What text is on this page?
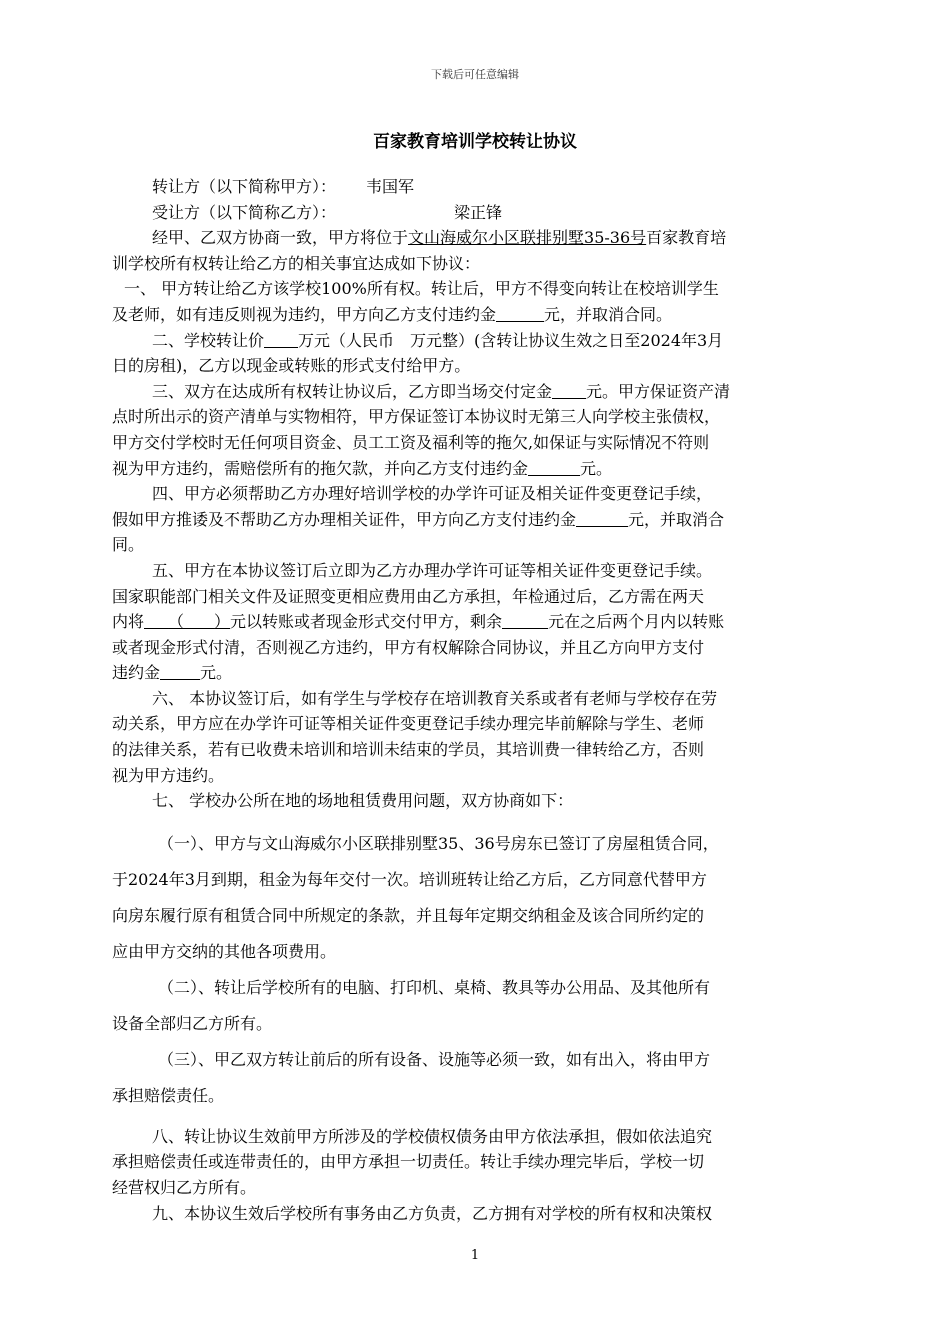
下载后可任意编辑
百家教育培训学校转让协议
转让方（以下简称甲方）： 韦国军
受让方（以下简称乙方）：	梁正锋
经甲、乙双方协商一致，甲方将位于文山海威尔小区联排别墅35-36号百家教育培
训学校所有权转让给乙方的相关事宜达成如下协议：
一、 甲方转让给乙方该学校100%所有权。转让后，甲方不得变向转让在校培训学生
及老师，如有违反则视为违约，甲方向乙方支付违约金	元，并取消合同。
二、学校转让价 万元（人民币 万元整）(含转让协议生效之日至2024年3月
日的房租)，乙方以现金或转账的形式支付给甲方。
三、双方在达成所有权转让协议后，乙方即当场交付定金 元。甲方保证资产清
点时所出示的资产清单与实物相符，甲方保证签订本协议时无第三人向学校主张债权，
甲方交付学校时无任何项目资金、员工工资及福利等的拖欠,如保证与实际情况不符则
视为甲方违约，需赔偿所有的拖欠款，并向乙方支付违约金	元。
四、甲方必须帮助乙方办理好培训学校的办学许可证及相关证件变更登记手续，
假如甲方推诿及不帮助乙方办理相关证件，甲方向乙方支付违约金	元，并取消合
同。
五、甲方在本协议签订后立即为乙方办理办学许可证等相关证件变更登记手续。
国家职能部门相关文件及证照变更相应费用由乙方承担，年检通过后，乙方需在两天
内将 （ ）元以转账或者现金形式交付甲方，剩余	元在之后两个月内以转账
或者现金形式付清，否则视乙方违约，甲方有权解除合同协议，并且乙方向甲方支付
违约金	元。
六、 本协议签订后，如有学生与学校存在培训教育关系或者有老师与学校存在劳
动关系，甲方应在办学许可证等相关证件变更登记手续办理完毕前解除与学生、老师
的法律关系，若有已收费未培训和培训未结束的学员，其培训费一律转给乙方，否则
视为甲方违约。
七、 学校办公所在地的场地租赁费用问题，双方协商如下：
（一）、甲方与文山海威尔小区联排别墅35、36号房东已签订了房屋租赁合同，
于2024年3月到期，租金为每年交付一次。培训班转让给乙方后，乙方同意代替甲方
向房东履行原有租赁合同中所规定的条款，并且每年定期交纳租金及该合同所约定的
应由甲方交纳的其他各项费用。
（二）、转让后学校所有的电脑、打印机、桌椅、教具等办公用品、及其他所有
设备全部归乙方所有。
（三）、甲乙双方转让前后的所有设备、设施等必须一致，如有出入，将由甲方
承担赔偿责任。
八、转让协议生效前甲方所涉及的学校债权债务由甲方依法承担，假如依法追究
承担赔偿责任或连带责任的，由甲方承担一切责任。转让手续办理完毕后，学校一切
经营权归乙方所有。
九、本协议生效后学校所有事务由乙方负责，乙方拥有对学校的所有权和决策权
1
